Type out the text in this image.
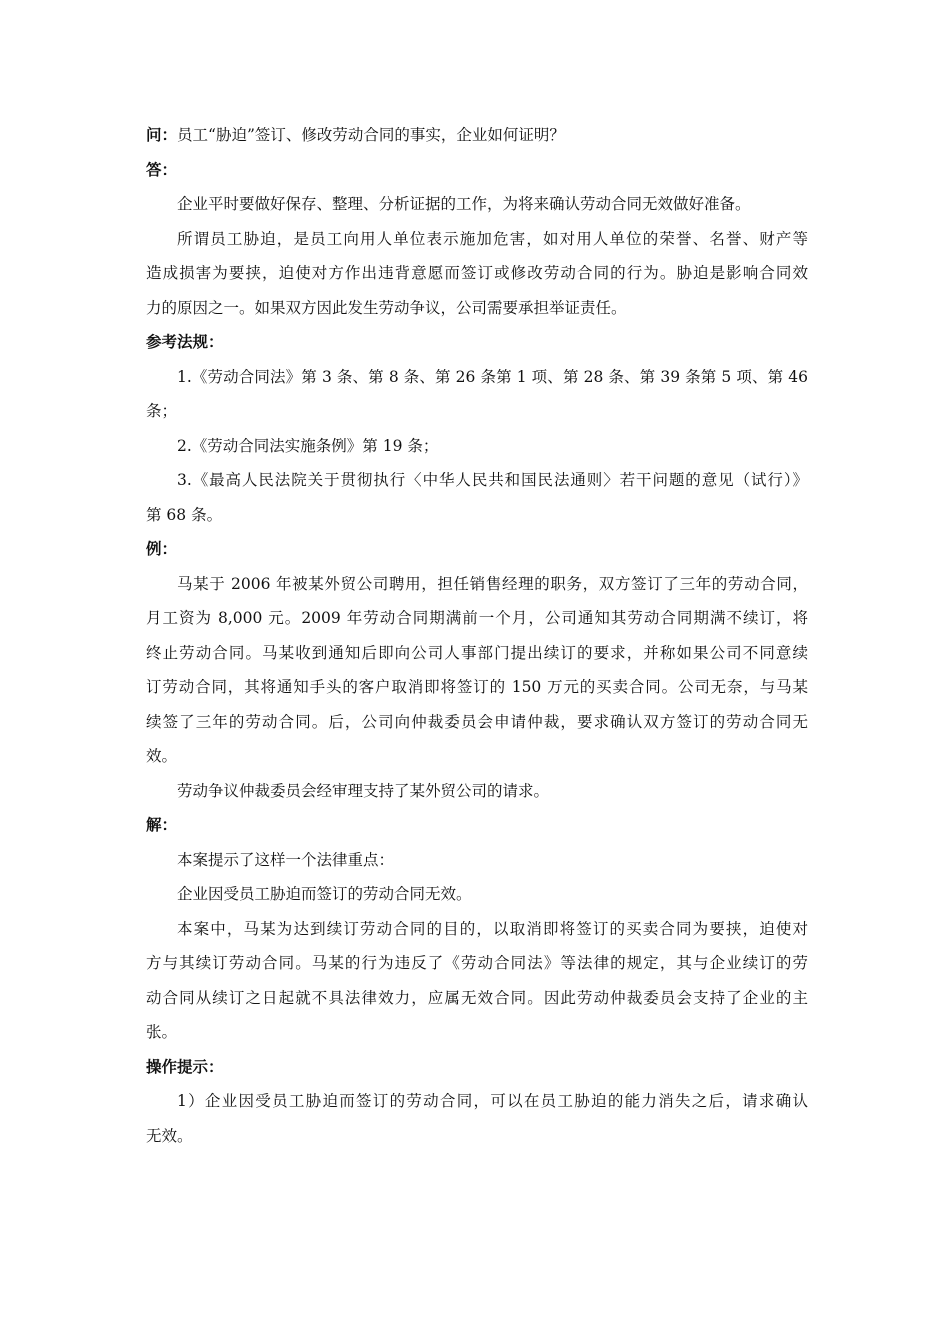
问：员工“胁迫”签订、修改劳动合同的事实，企业如何证明？
答：
企业平时要做好保存、整理、分析证据的工作，为将来确认劳动合同无效做好准备。
所谓员工胁迫，是员工向用人单位表示施加危害，如对用人单位的荣誉、名誉、财产等
造成损害为要挟，迫使对方作出违背意愿而签订或修改劳动合同的行为。胁迫是影响合同效
力的原因之一。如果双方因此发生劳动争议，公司需要承担举证责任。
参考法规：
1.《劳动合同法》第 3 条、第 8 条、第 26 条第 1 项、第 28 条、第 39 条第 5 项、第 46
条；
2.《劳动合同法实施条例》第 19 条；
3.《最高人民法院关于贯彻执行〈中华人民共和国民法通则〉若干问题的意见（试行）》
第 68 条。
例：
马某于 2006 年被某外贸公司聘用，担任销售经理的职务，双方签订了三年的劳动合同，
月工资为 8,000 元。2009 年劳动合同期满前一个月，公司通知其劳动合同期满不续订，将
终止劳动合同。马某收到通知后即向公司人事部门提出续订的要求，并称如果公司不同意续
订劳动合同，其将通知手头的客户取消即将签订的 150 万元的买卖合同。公司无奈，与马某
续签了三年的劳动合同。后，公司向仲裁委员会申请仲裁，要求确认双方签订的劳动合同无
效。
劳动争议仲裁委员会经审理支持了某外贸公司的请求。
解：
本案提示了这样一个法律重点：
企业因受员工胁迫而签订的劳动合同无效。
本案中，马某为达到续订劳动合同的目的，以取消即将签订的买卖合同为要挟，迫使对
方与其续订劳动合同。马某的行为违反了《劳动合同法》等法律的规定，其与企业续订的劳
动合同从续订之日起就不具法律效力，应属无效合同。因此劳动仲裁委员会支持了企业的主
张。
操作提示：
1）企业因受员工胁迫而签订的劳动合同，可以在员工胁迫的能力消失之后，请求确认
无效。
